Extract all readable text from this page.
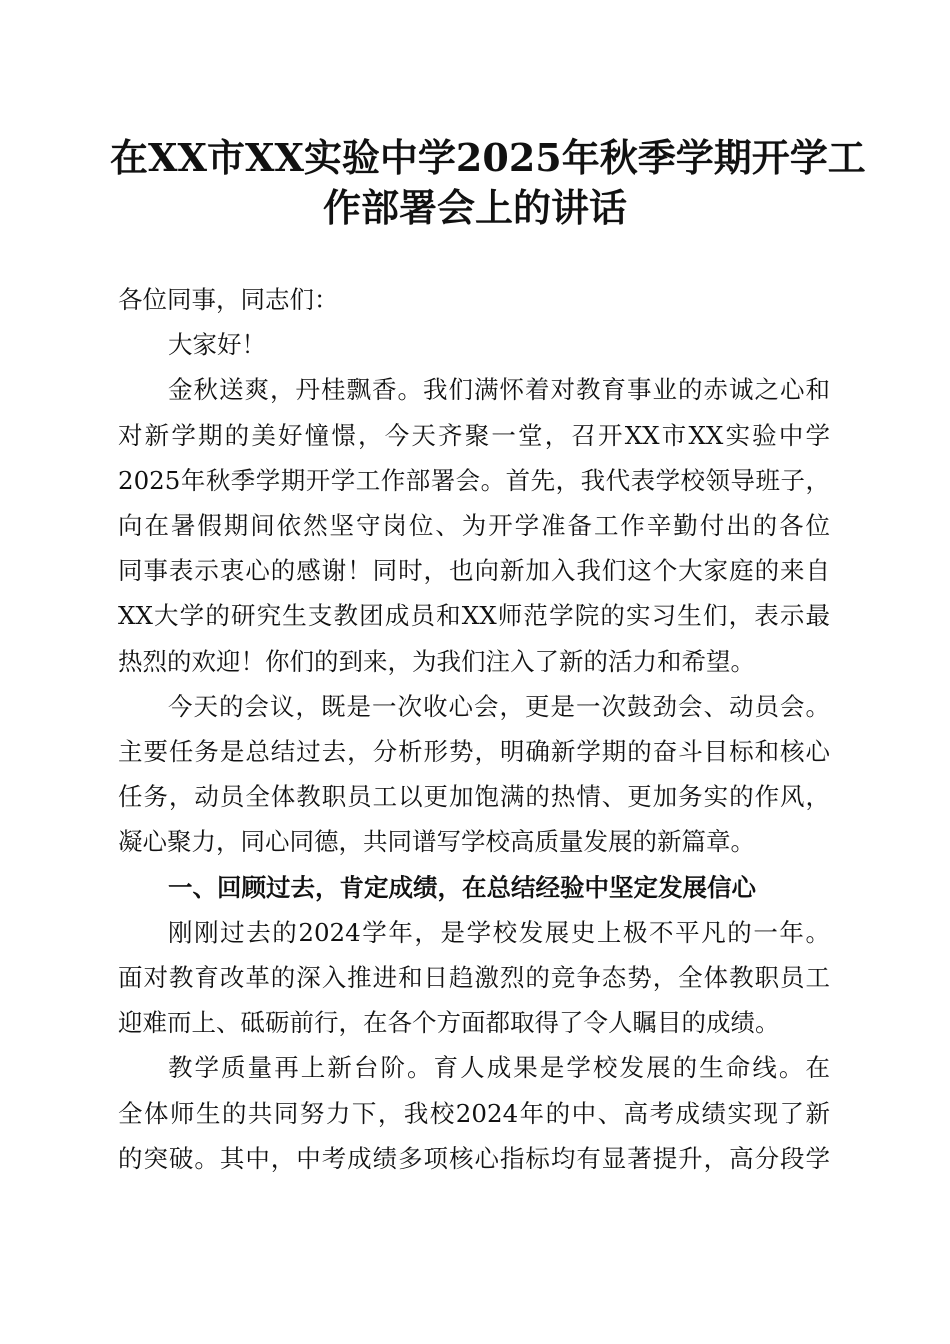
在XX市XX实验中学2025年秋季学期开学工
作部署会上的讲话

各位同事，同志们：

大家好！

金秋送爽，丹桂飘香。我们满怀着对教育事业的赤诚之心和
对新学期的美好憧憬，今天齐聚一堂，召开XX市XX实验中学
2025年秋季学期开学工作部署会。首先，我代表学校领导班子，
向在暑假期间依然坚守岗位、为开学准备工作辛勤付出的各位
同事表示衷心的感谢！同时，也向新加入我们这个大家庭的来自
XX大学的研究生支教团成员和XX师范学院的实习生们，表示最
热烈的欢迎！你们的到来，为我们注入了新的活力和希望。

今天的会议，既是一次收心会，更是一次鼓劲会、动员会。
主要任务是总结过去，分析形势，明确新学期的奋斗目标和核心
任务，动员全体教职员工以更加饱满的热情、更加务实的作风，
凝心聚力，同心同德，共同谱写学校高质量发展的新篇章。

一、回顾过去，肯定成绩，在总结经验中坚定发展信心

刚刚过去的2024学年，是学校发展史上极不平凡的一年。
面对教育改革的深入推进和日趋激烈的竞争态势，全体教职员工
迎难而上、砥砺前行，在各个方面都取得了令人瞩目的成绩。

教学质量再上新台阶。育人成果是学校发展的生命线。在
全体师生的共同努力下，我校2024年的中、高考成绩实现了新
的突破。其中，中考成绩多项核心指标均有显著提升，高分段学
